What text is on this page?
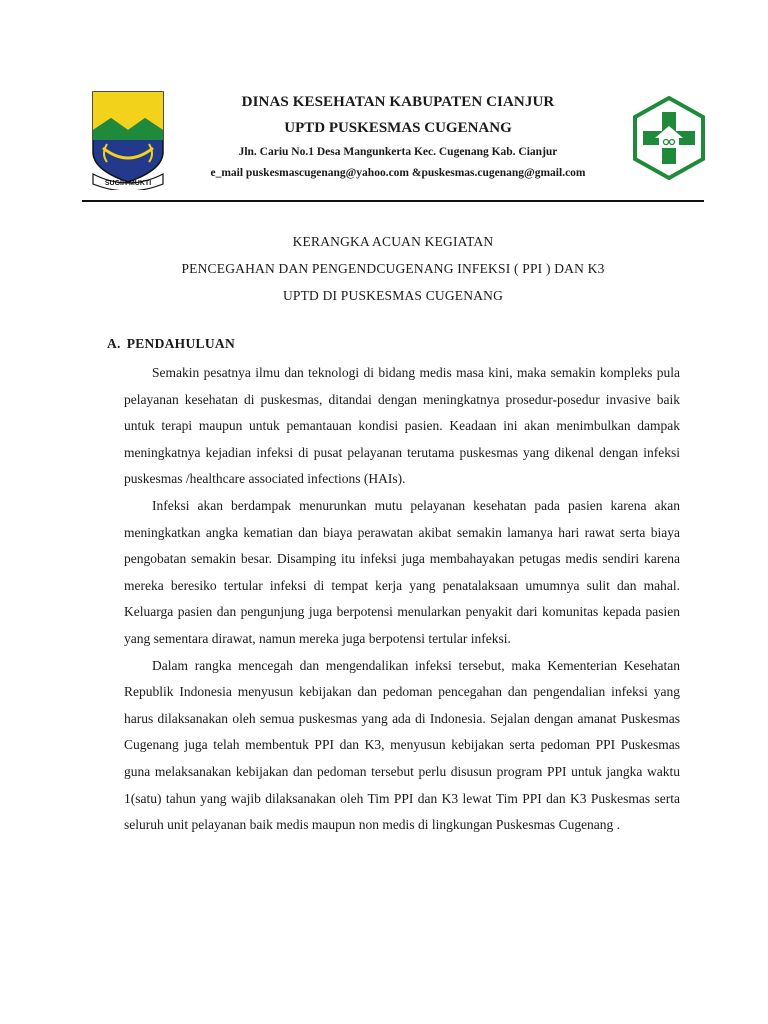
SUGIH MUKTI
DINAS KESEHATAN KABUPATEN CIANJUR
UPTD PUSKESMAS CUGENANG
Jln. Cariu No.1 Desa Mangunkerta Kec. Cugenang Kab. Cianjur
e_mail puskesmascugenang@yahoo.com &puskesmas.cugenang@gmail.com
KERANGKA ACUAN KEGIATAN
PENCEGAHAN DAN PENGENDCUGENANG INFEKSI ( PPI ) DAN K3
UPTD DI PUSKESMAS CUGENANG
A. PENDAHULUAN

Semakin pesatnya ilmu dan teknologi di bidang medis masa kini, maka semakin kompleks pula pelayanan kesehatan di puskesmas, ditandai dengan meningkatnya prosedur-posedur invasive baik untuk terapi maupun untuk pemantauan kondisi pasien. Keadaan ini akan menimbulkan dampak meningkatnya kejadian infeksi di pusat pelayanan terutama puskesmas yang dikenal dengan infeksi puskesmas /healthcare associated infections (HAIs).

Infeksi akan berdampak menurunkan mutu pelayanan kesehatan pada pasien karena akan meningkatkan angka kematian dan biaya perawatan akibat semakin lamanya hari rawat serta biaya pengobatan semakin besar. Disamping itu infeksi juga membahayakan petugas medis sendiri karena mereka beresiko tertular infeksi di tempat kerja yang penatalaksaan umumnya sulit dan mahal. Keluarga pasien dan pengunjung juga berpotensi menularkan penyakit dari komunitas kepada pasien yang sementara dirawat, namun mereka juga berpotensi tertular infeksi.

Dalam rangka mencegah dan mengendalikan infeksi tersebut, maka Kementerian Kesehatan Republik Indonesia menyusun kebijakan dan pedoman pencegahan dan pengendalian infeksi yang harus dilaksanakan oleh semua puskesmas yang ada di Indonesia. Sejalan dengan amanat Puskesmas Cugenang juga telah membentuk PPI dan K3, menyusun kebijakan serta pedoman PPI Puskesmas guna melaksanakan kebijakan dan pedoman tersebut perlu disusun program PPI untuk jangka waktu 1(satu) tahun yang wajib dilaksanakan oleh Tim PPI dan K3 lewat Tim PPI dan K3 Puskesmas serta seluruh unit pelayanan baik medis maupun non medis di lingkungan Puskesmas Cugenang .
